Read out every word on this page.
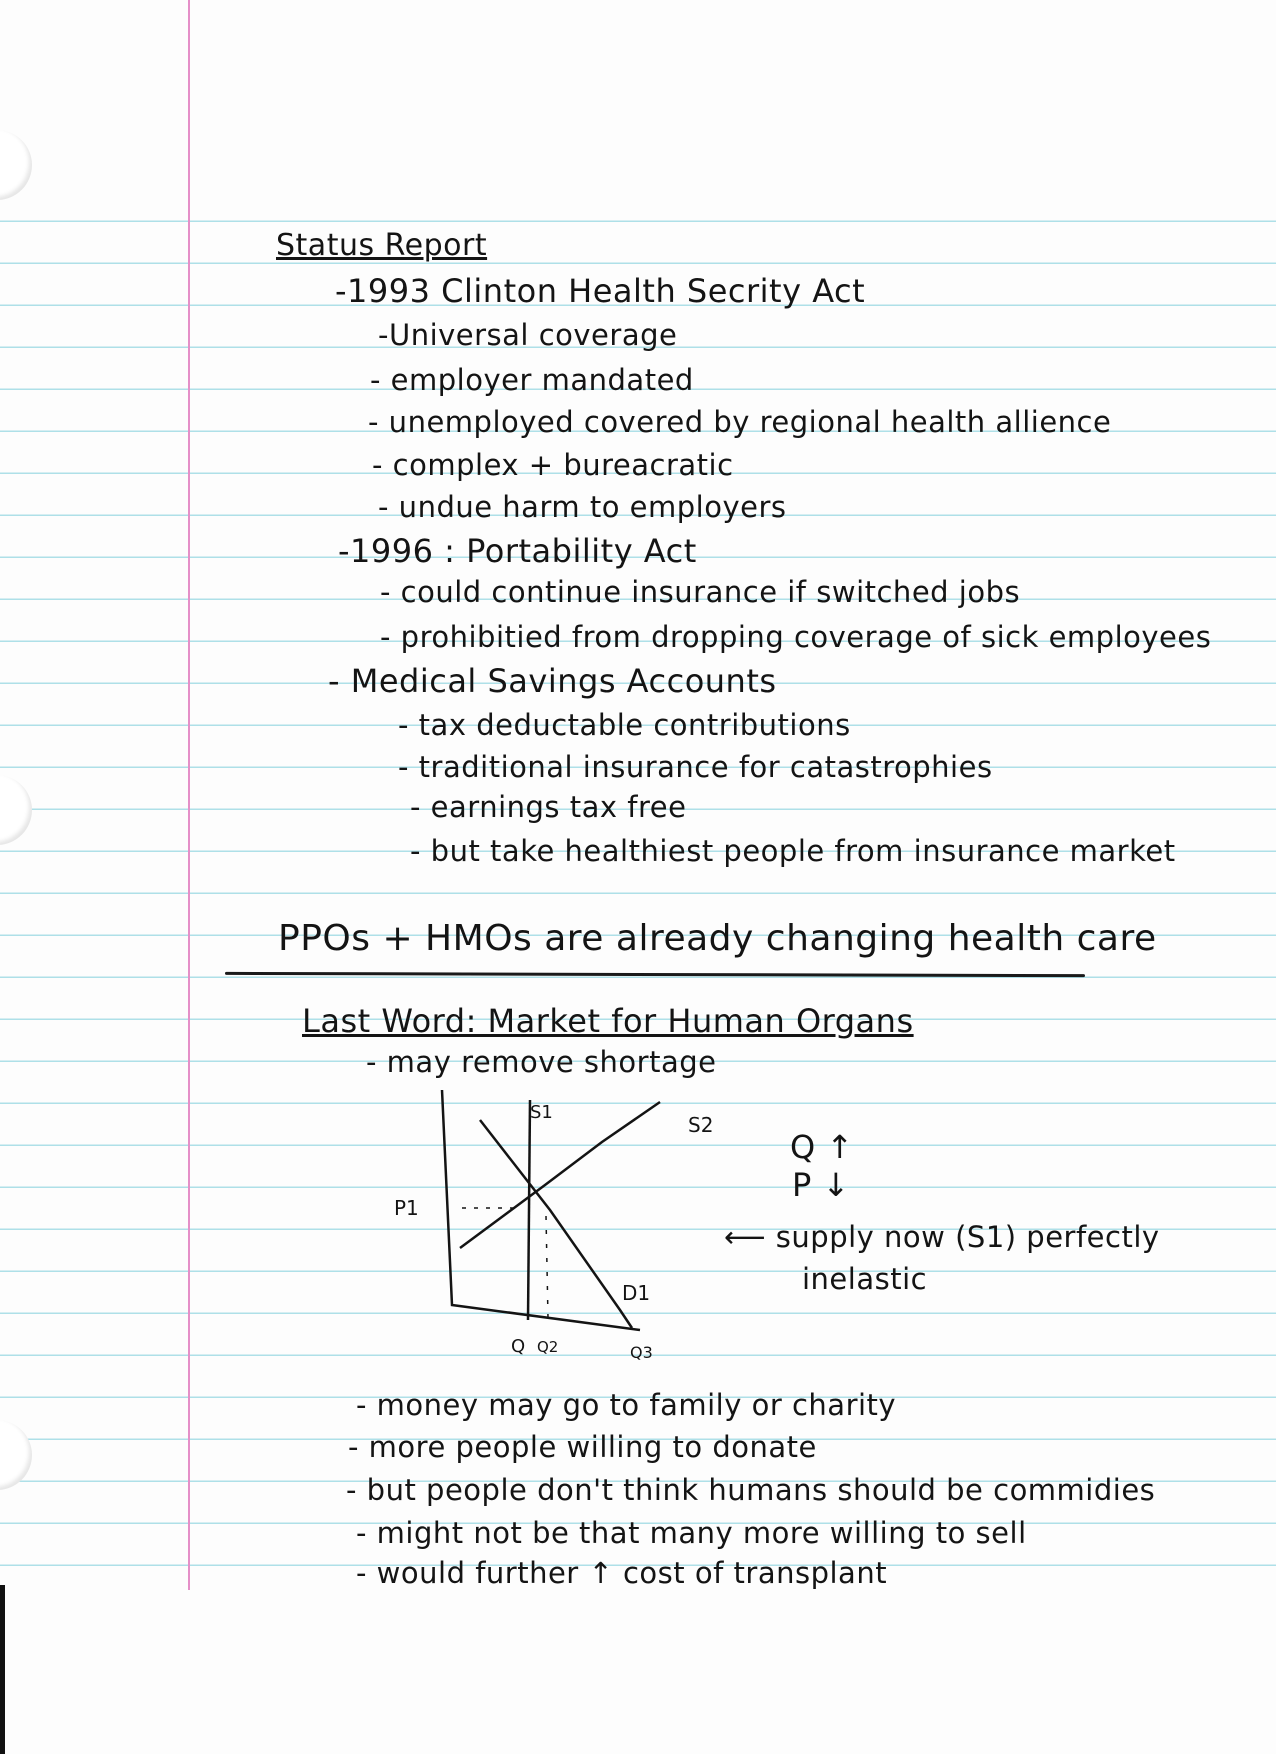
Status Report
-1993 Clinton Health Secrity Act
-Universal coverage
- employer mandated
- unemployed covered by regional health allience
- complex + bureacratic
- undue harm to employers
-1996 : Portability Act
- could continue insurance if switched jobs
- prohibitied from dropping coverage of sick employees
- Medical Savings Accounts
- tax deductable contributions
- traditional insurance for catastrophies
- earnings tax free
- but take healthiest people from insurance market
PPOs + HMOs are already changing health care
Last Word: Market for Human Organs
- may remove shortage
S1
S2
D1
P1
Q Q2	Q3
Q ↑
P ↓
⟵ supply now (S1) perfectly
inelastic
- money may go to family or charity
- more people willing to donate
- but people don't think humans should be commidies
- might not be that many more willing to sell
- would further ↑ cost of transplant
